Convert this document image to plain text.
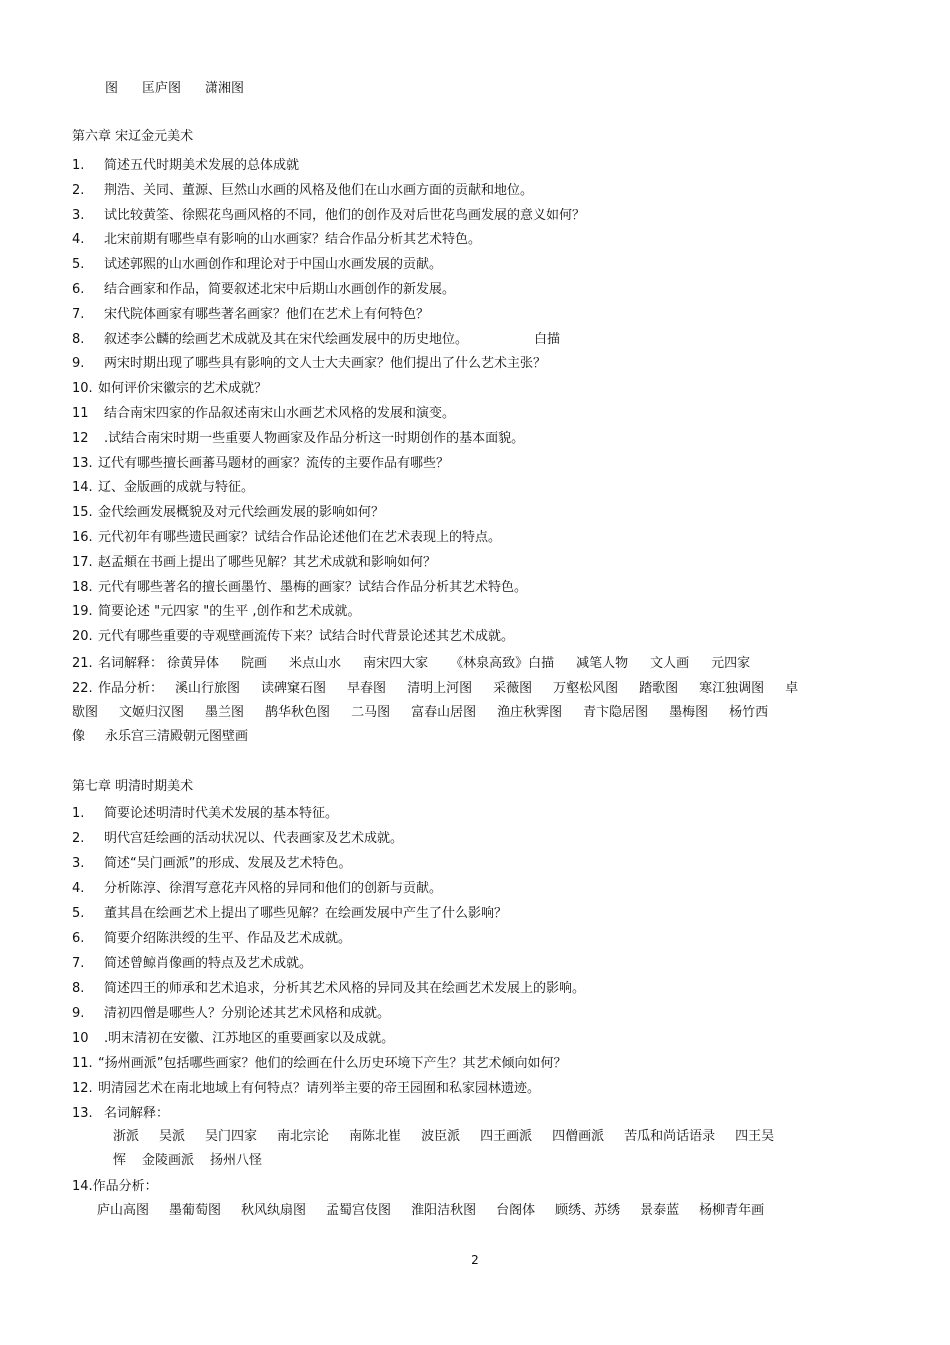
图 匡庐图 潇湘图
第六章 宋辽金元美术
1. 简述五代时期美术发展的总体成就
2. 荆浩、关同、董源、巨然山水画的风格及他们在山水画方面的贡献和地位。
3. 试比较黄筌、徐熙花鸟画风格的不同，他们的创作及对后世花鸟画发展的意义如何？
4. 北宋前期有哪些卓有影响的山水画家？结合作品分析其艺术特色。
5. 试述郭熙的山水画创作和理论对于中国山水画发展的贡献。
6. 结合画家和作品，简要叙述北宋中后期山水画创作的新发展。
7. 宋代院体画家有哪些著名画家？他们在艺术上有何特色？
8. 叙述李公麟的绘画艺术成就及其在宋代绘画发展中的历史地位。	白描
9. 两宋时期出现了哪些具有影响的文人士大夫画家？他们提出了什么艺术主张？
10. 如何评价宋徽宗的艺术成就？
11 结合南宋四家的作品叙述南宋山水画艺术风格的发展和演变。
12 .试结合南宋时期一些重要人物画家及作品分析这一时期创作的基本面貌。
13. 辽代有哪些擅长画蕃马题材的画家？流传的主要作品有哪些？
14. 辽、金版画的成就与特征。
15. 金代绘画发展概貌及对元代绘画发展的影响如何？
16. 元代初年有哪些遗民画家？试结合作品论述他们在艺术表现上的特点。
17. 赵孟頫在书画上提出了哪些见解？其艺术成就和影响如何？
18. 元代有哪些著名的擅长画墨竹、墨梅的画家？试结合作品分析其艺术特色。
19. 简要论述 "元四家 "的生平 ,创作和艺术成就。
20. 元代有哪些重要的寺观壁画流传下来？试结合时代背景论述其艺术成就。
21. 名词解释： 徐黄异体 院画 米点山水 南宋四大家 《林泉高致》白描 减笔人物 文人画 元四家
22. 作品分析： 溪山行旅图 读碑窠石图 早春图 清明上河图 采薇图 万壑松风图 踏歌图 寒江独调图 卓
歇图 文姬归汉图 墨兰图 鹊华秋色图 二马图 富春山居图 渔庄秋霁图 青卞隐居图 墨梅图 杨竹西
像 永乐宫三清殿朝元图壁画
第七章 明清时期美术
1. 简要论述明清时代美术发展的基本特征。
2. 明代宫廷绘画的活动状况以、代表画家及艺术成就。
3. 简述“吴门画派”的形成、发展及艺术特色。
4. 分析陈淳、徐渭写意花卉风格的异同和他们的创新与贡献。
5. 董其昌在绘画艺术上提出了哪些见解？在绘画发展中产生了什么影响？
6. 简要介绍陈洪绶的生平、作品及艺术成就。
7. 简述曾鲸肖像画的特点及艺术成就。
8. 简述四王的师承和艺术追求，分析其艺术风格的异同及其在绘画艺术发展上的影响。
9. 清初四僧是哪些人？分别论述其艺术风格和成就。
10 .明末清初在安徽、江苏地区的重要画家以及成就。
11. “扬州画派”包括哪些画家？他们的绘画在什么历史环境下产生？其艺术倾向如何？
12. 明清园艺术在南北地域上有何特点？请列举主要的帝王园囿和私家园林遗迹。
13. 名词解释：
浙派 吴派 吴门四家 南北宗论 南陈北崔 波臣派 四王画派 四僧画派 苦瓜和尚话语录 四王吴
恽 金陵画派 扬州八怪
14.作品分析：
庐山高图 墨葡萄图 秋风纨扇图 孟蜀宫伎图 淮阳洁秋图 台阁体 顾绣、苏绣 景泰蓝 杨柳青年画
2
